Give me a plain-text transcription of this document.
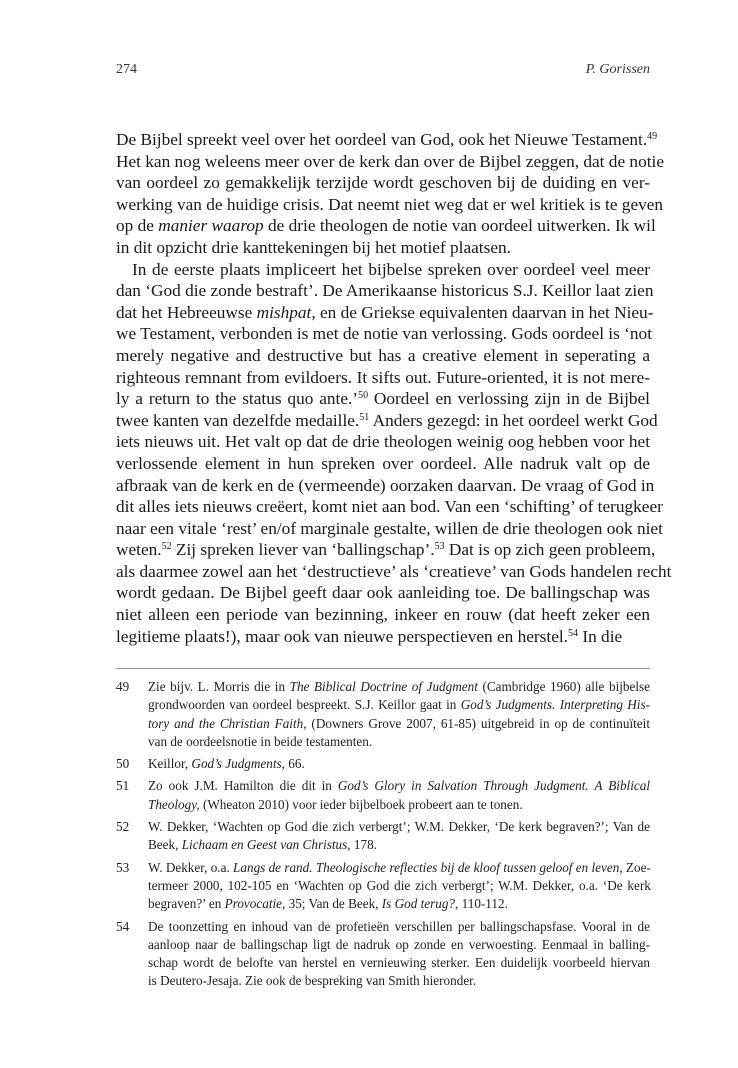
274	P. Gorissen

De Bijbel spreekt veel over het oordeel van God, ook het Nieuwe Testament.$^{49}$

Het kan nog weleens meer over de kerk dan over de Bijbel zeggen, dat de notie

van oordeel zo gemakkelijk terzijde wordt geschoven bij de duiding en ver-

werking van de huidige crisis. Dat neemt niet weg dat er wel kritiek is te geven

op de manier waarop de drie theologen de notie van oordeel uitwerken. Ik wil

in dit opzicht drie kanttekeningen bij het motief plaatsen.

In de eerste plaats impliceert het bijbelse spreken over oordeel veel meer

dan ‘God die zonde bestraft’. De Amerikaanse historicus S.J. Keillor laat zien

dat het Hebreeuwse mishpat, en de Griekse equivalenten daarvan in het Nieu-

we Testament, verbonden is met de notie van verlossing. Gods oordeel is ‘not

merely negative and destructive but has a creative element in seperating a

righteous remnant from evildoers. It sifts out. Future-oriented, it is not mere-

ly a return to the status quo ante.’$^{50}$ Oordeel en verlossing zijn in de Bijbel

twee kanten van dezelfde medaille.$^{51}$ Anders gezegd: in het oordeel werkt God

iets nieuws uit. Het valt op dat de drie theologen weinig oog hebben voor het

verlossende element in hun spreken over oordeel. Alle nadruk valt op de

afbraak van de kerk en de (vermeende) oorzaken daarvan. De vraag of God in

dit alles iets nieuws creëert, komt niet aan bod. Van een ‘schifting’ of terugkeer

naar een vitale ‘rest’ en/of marginale gestalte, willen de drie theologen ook niet

weten.$^{52}$ Zij spreken liever van ‘ballingschap’.$^{53}$ Dat is op zich geen probleem,

als daarmee zowel aan het ‘destructieve’ als ‘creatieve’ van Gods handelen recht

wordt gedaan. De Bijbel geeft daar ook aanleiding toe. De ballingschap was

niet alleen een periode van bezinning, inkeer en rouw (dat heeft zeker een

legitieme plaats!), maar ook van nieuwe perspectieven en herstel.$^{54}$ In die

49	Zie bijv. L. Morris die in The Biblical Doctrine of Judgment (Cambridge 1960) alle bijbelse
grondwoorden van oordeel bespreekt. S.J. Keillor gaat in God’s Judgments. Interpreting His-
tory and the Christian Faith, (Downers Grove 2007, 61-85) uitgebreid in op de continuïteit
van de oordeelsnotie in beide testamenten.
50	Keillor, God’s Judgments, 66.
51	Zo ook J.M. Hamilton die dit in God’s Glory in Salvation Through Judgment. A Biblical
Theology, (Wheaton 2010) voor ieder bijbelboek probeert aan te tonen.
52	W. Dekker, ‘Wachten op God die zich verbergt’; W.M. Dekker, ‘De kerk begraven?’; Van de
Beek, Lichaam en Geest van Christus, 178.
53	W. Dekker, o.a. Langs de rand. Theologische reflecties bij de kloof tussen geloof en leven, Zoe-
termeer 2000, 102-105 en ‘Wachten op God die zich verbergt’; W.M. Dekker, o.a. ‘De kerk
begraven?’ en Provocatie, 35; Van de Beek, Is God terug?, 110-112.
54	De toonzetting en inhoud van de profetieën verschillen per ballingschapsfase. Vooral in de
aanloop naar de ballingschap ligt de nadruk op zonde en verwoesting. Eenmaal in balling-
schap wordt de belofte van herstel en vernieuwing sterker. Een duidelijk voorbeeld hiervan
is Deutero-Jesaja. Zie ook de bespreking van Smith hieronder.
